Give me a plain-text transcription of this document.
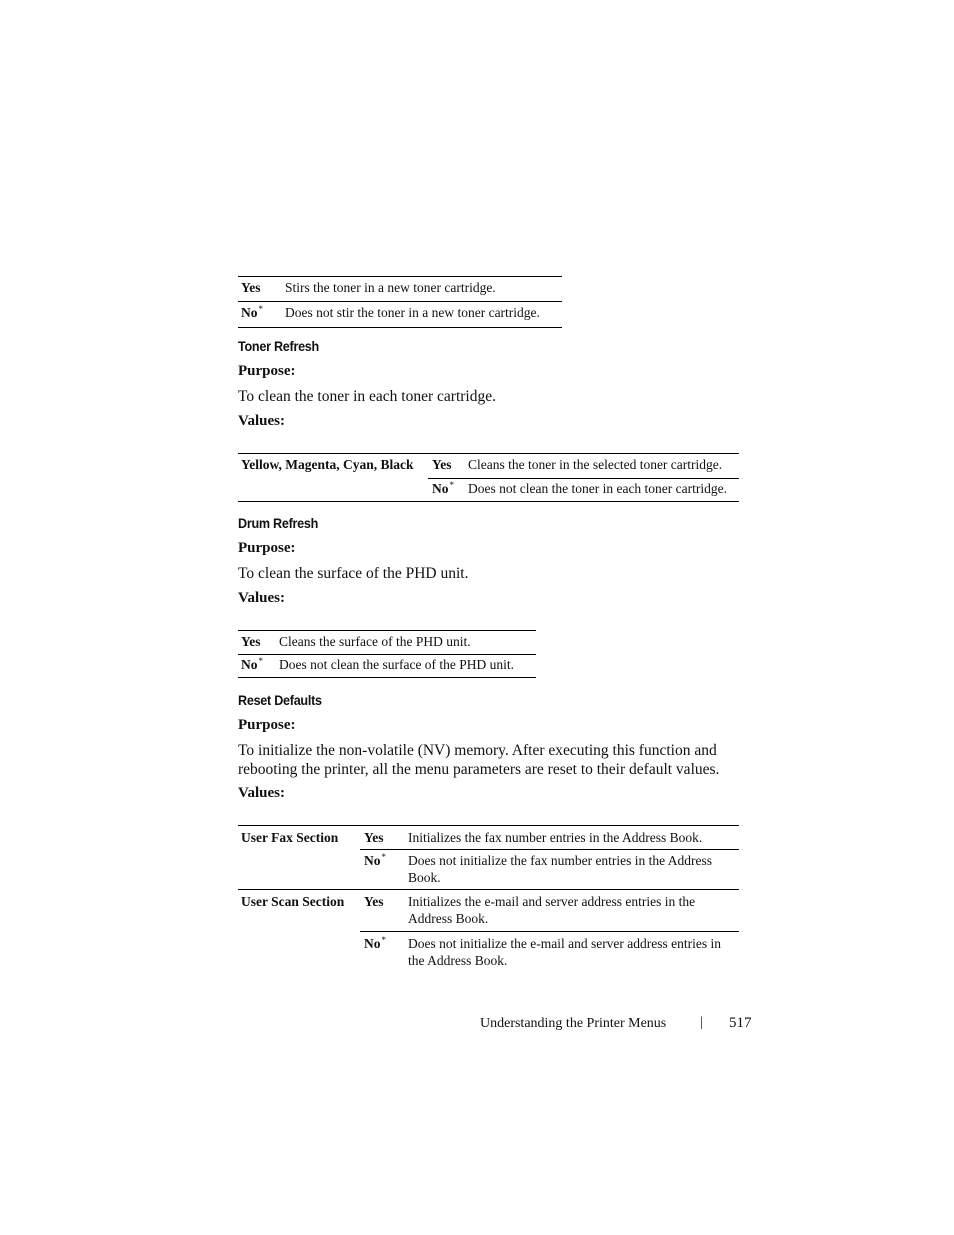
Yes	Stirs the toner in a new toner cartridge.
No*	Does not stir the toner in a new toner cartridge.
Toner Refresh
Purpose:
To clean the toner in each toner cartridge.
Values:
Yellow, Magenta, Cyan, Black Yes Cleans the toner in the selected toner cartridge.
No* Does not clean the toner in each toner cartridge.
Drum Refresh
Purpose:
To clean the surface of the PHD unit.
Values:
Yes Cleans the surface of the PHD unit.
No* Does not clean the surface of the PHD unit.
Reset Defaults
Purpose:
To initialize the non-volatile (NV) memory. After executing this function and
rebooting the printer, all the menu parameters are reset to their default values.
Values:
User Fax Section Yes Initializes the fax number entries in the Address Book.
No* Does not initialize the fax number entries in the Address
Book.
User Scan Section Yes Initializes the e-mail and server address entries in the
Address Book.
No* Does not initialize the e-mail and server address entries in
the Address Book.
Understanding the Printer Menus | 517
